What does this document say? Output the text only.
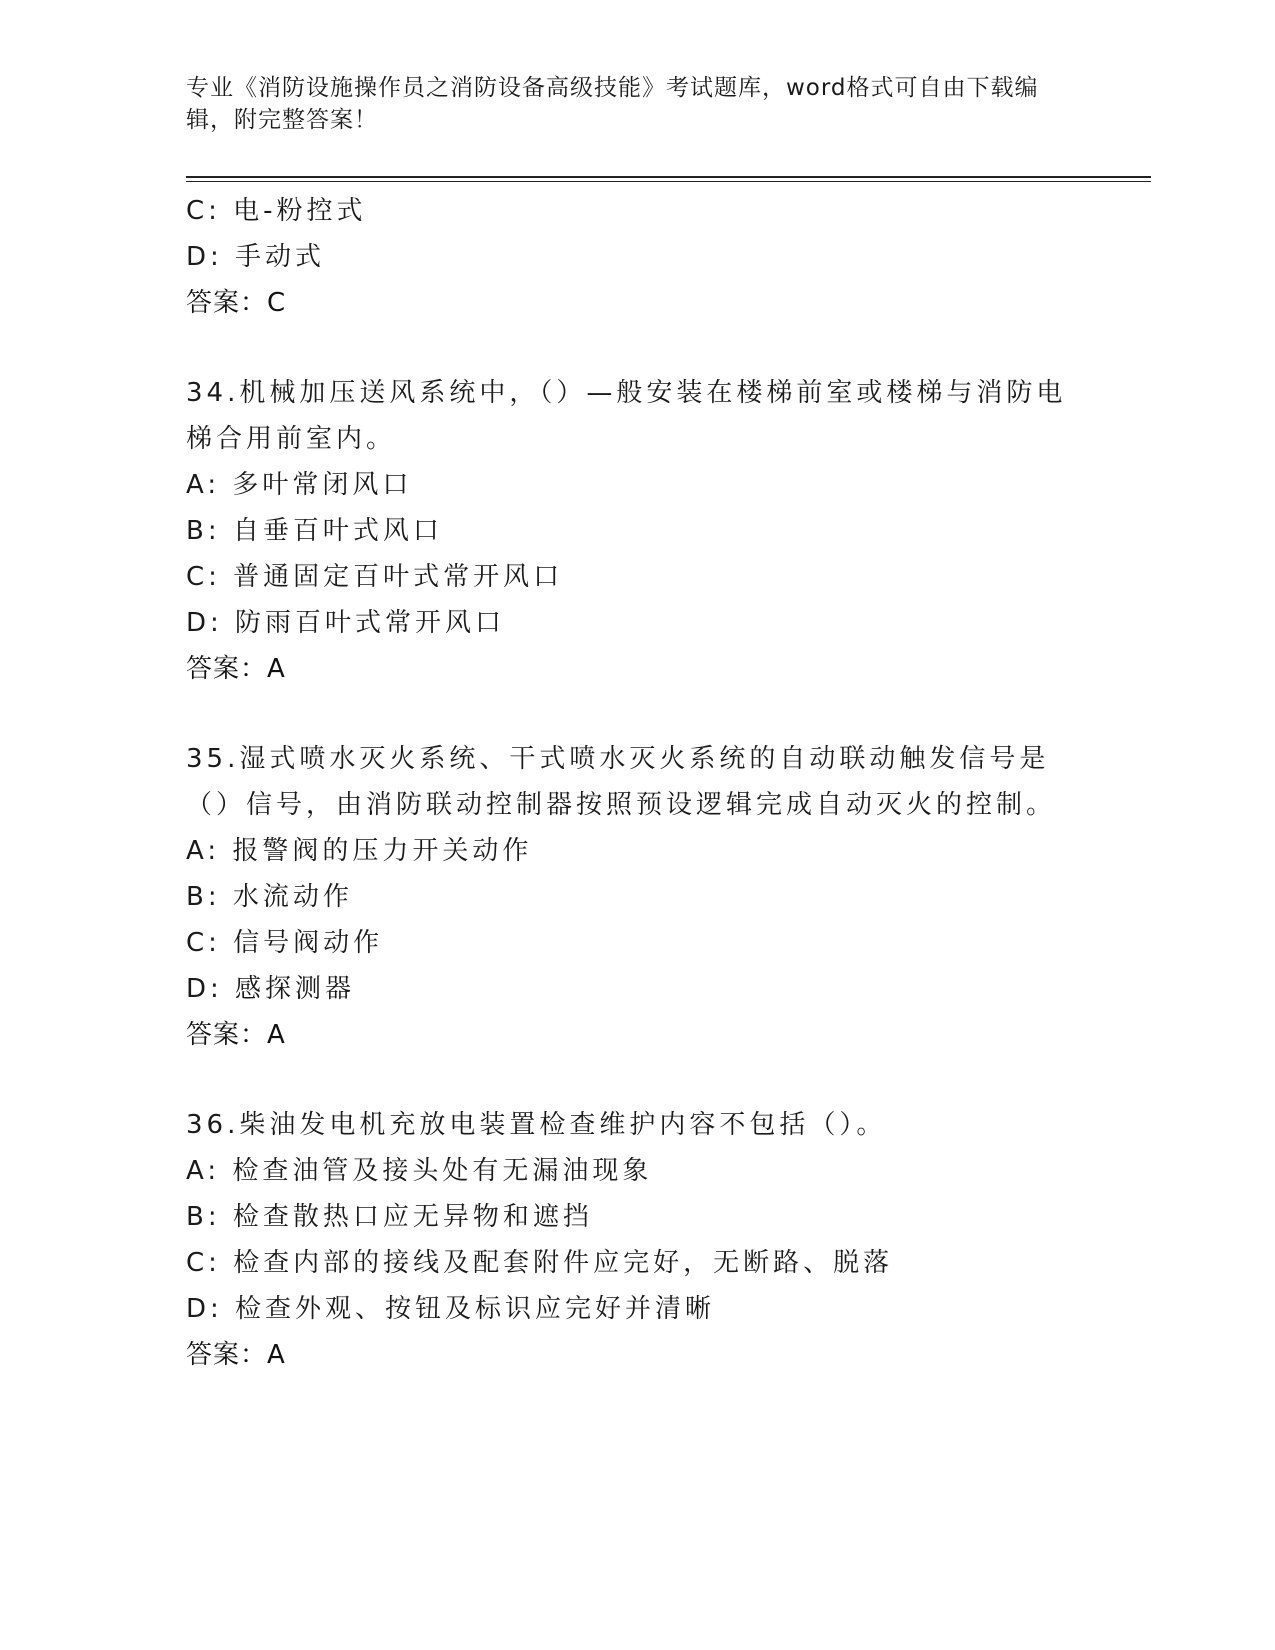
专业《消防设施操作员之消防设备高级技能》考试题库，word格式可自由下载编辑，附完整答案！
C: 电-粉控式
D: 手动式
答案：C
34.机械加压送风系统中，（）—般安装在楼梯前室或楼梯与消防电梯合用前室内。
A: 多叶常闭风口
B: 自垂百叶式风口
C: 普通固定百叶式常开风口
D: 防雨百叶式常开风口
答案：A
35.湿式喷水灭火系统、干式喷水灭火系统的自动联动触发信号是（）信号，由消防联动控制器按照预设逻辑完成自动灭火的控制。
A: 报警阀的压力开关动作
B: 水流动作
C: 信号阀动作
D: 感探测器
答案：A
36.柴油发电机充放电装置检查维护内容不包括（）。
A: 检查油管及接头处有无漏油现象
B: 检查散热口应无异物和遮挡
C: 检查内部的接线及配套附件应完好，无断路、脱落
D: 检查外观、按钮及标识应完好并清晰
答案：A
